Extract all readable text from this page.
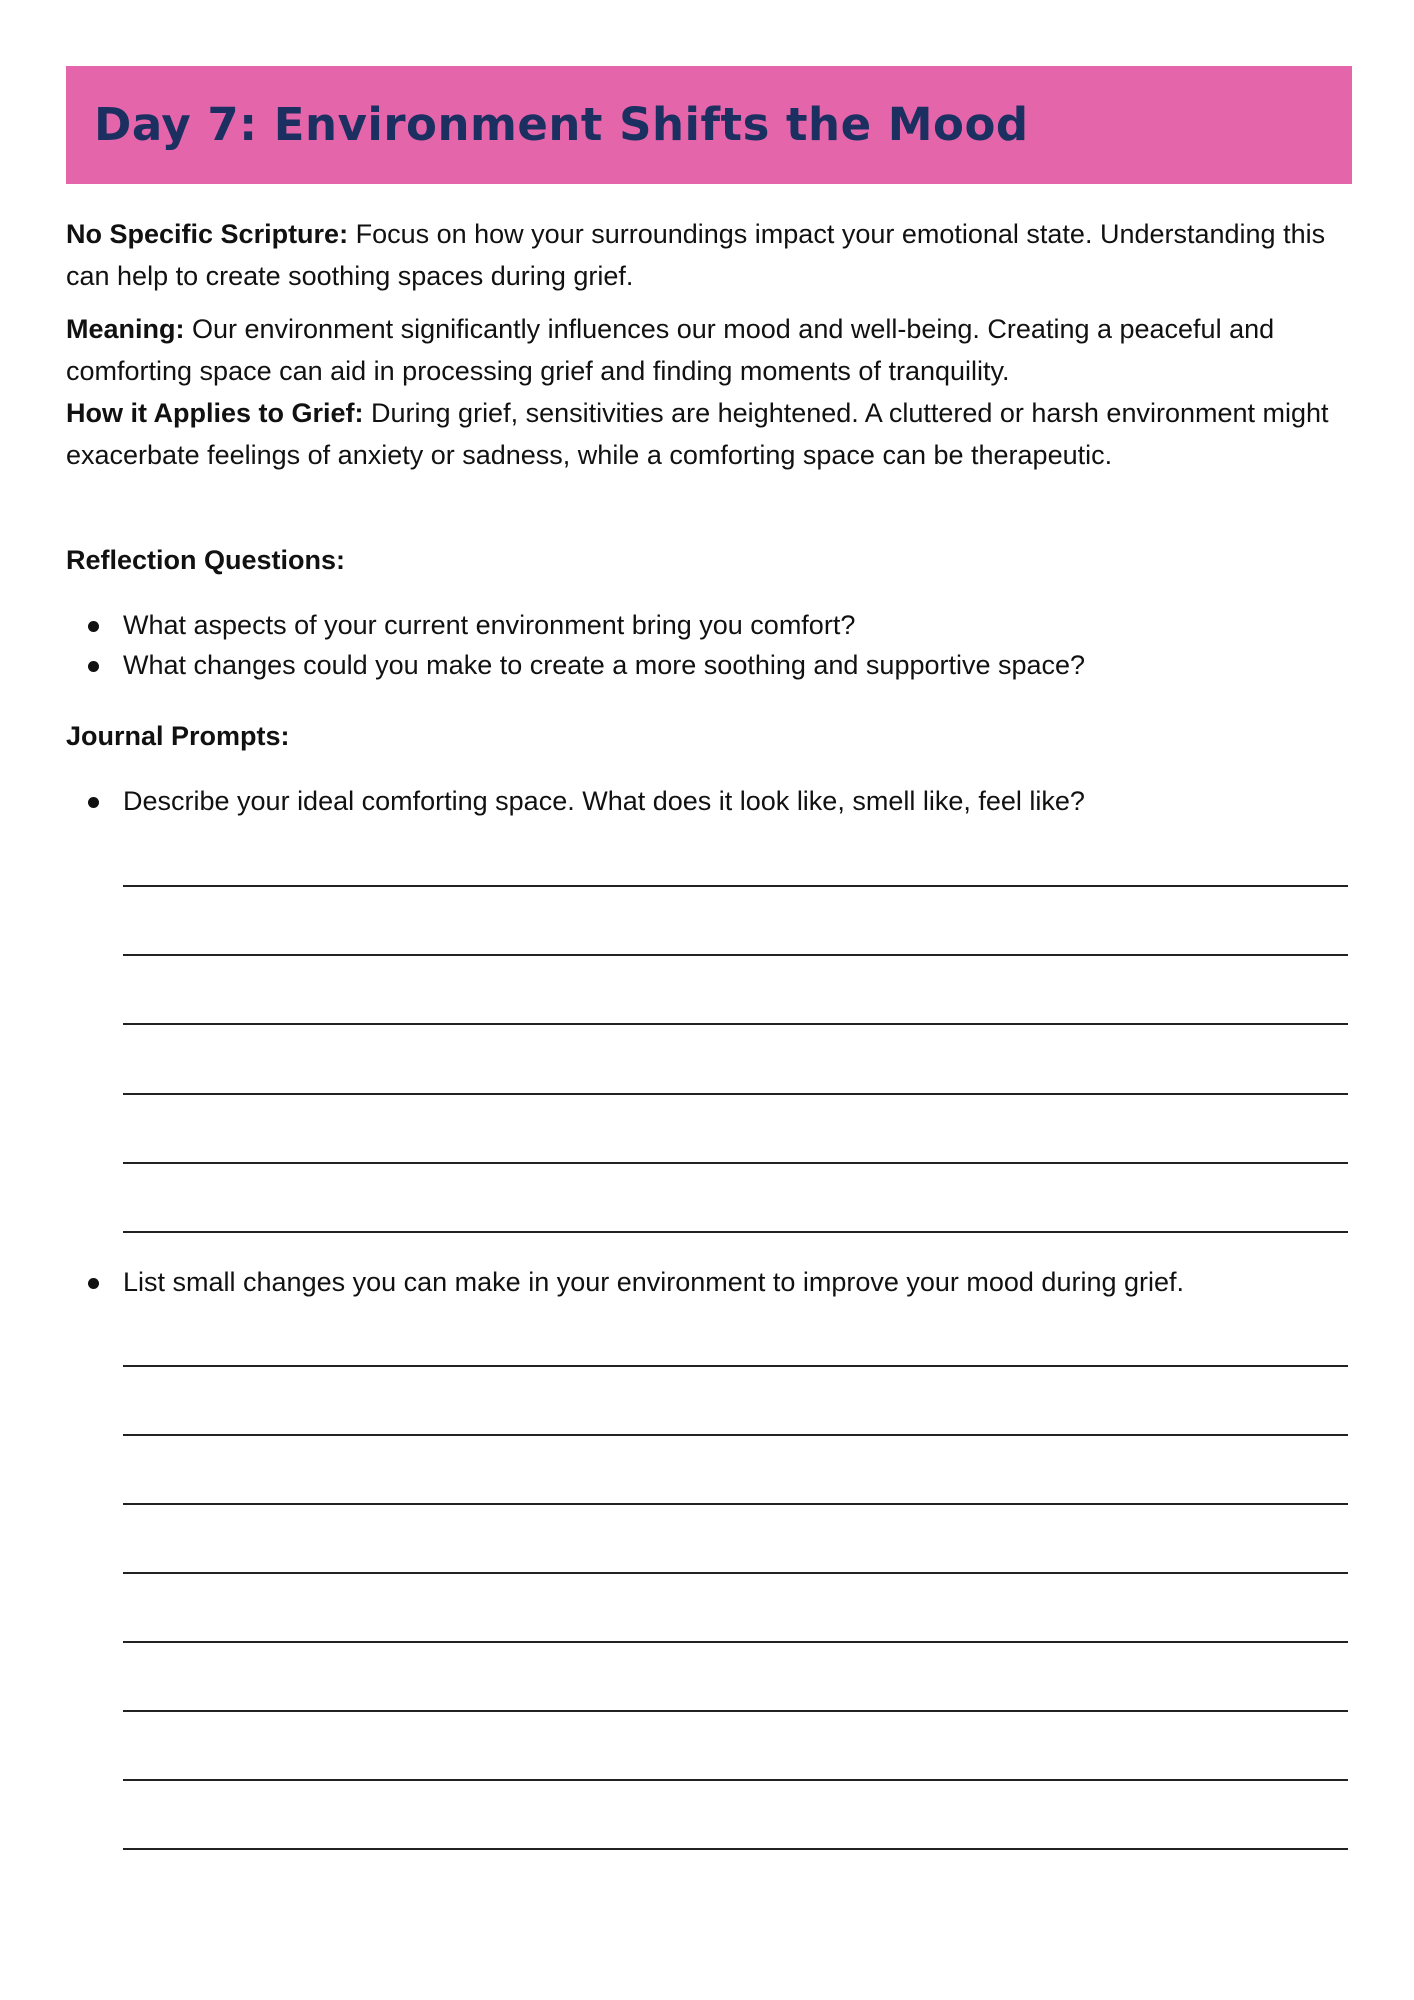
Day 7: Environment Shifts the Mood

No Specific Scripture: Focus on how your surroundings impact your emotional state. Understanding this can help to create soothing spaces during grief.

Meaning: Our environment significantly influences our mood and well-being. Creating a peaceful and comforting space can aid in processing grief and finding moments of tranquility.

How it Applies to Grief: During grief, sensitivities are heightened. A cluttered or harsh environment might exacerbate feelings of anxiety or sadness, while a comforting space can be therapeutic.

Reflection Questions:
What aspects of your current environment bring you comfort?
What changes could you make to create a more soothing and supportive space?
Journal Prompts:
Describe your ideal comforting space. What does it look like, smell like, feel like?
List small changes you can make in your environment to improve your mood during grief.
